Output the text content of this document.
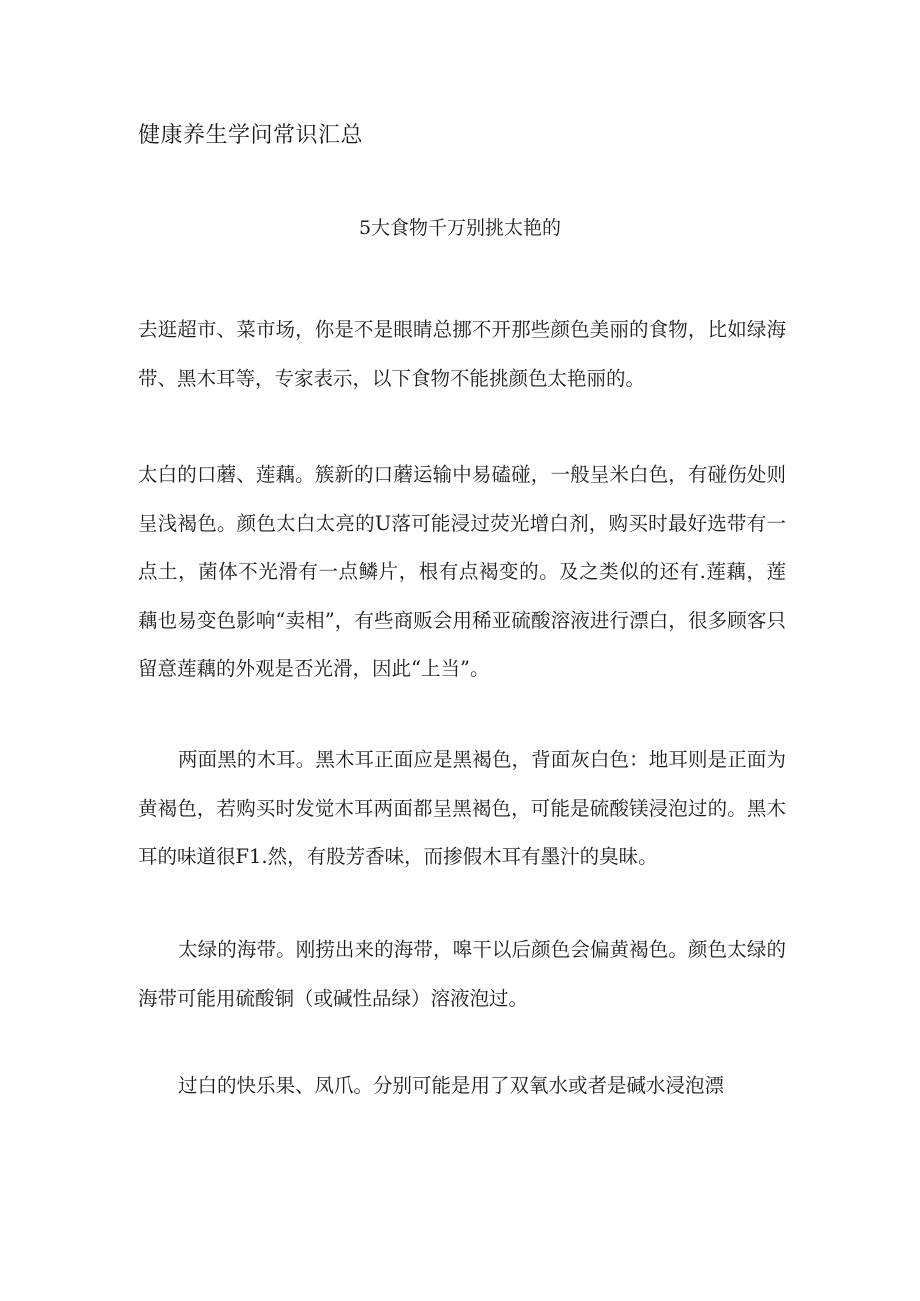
健康养生学问常识汇总
5大食物千万别挑太艳的

去逛超市、菜市场，你是不是眼睛总挪不开那些颜色美丽的食物，比如绿海带、黑木耳等，专家表示，以下食物不能挑颜色太艳丽的。

太白的口蘑、莲藕。簇新的口蘑运输中易磕碰，一般呈米白色，有碰伤处则呈浅褐色。颜色太白太亮的U落可能浸过荧光增白剂，购买时最好选带有一点土，菌体不光滑有一点鳞片，根有点褐变的。及之类似的还有.莲藕，莲藕也易变色影响“卖相”，有些商贩会用稀亚硫酸溶液进行漂白，很多顾客只留意莲藕的外观是否光滑，因此“上当”。

两面黑的木耳。黑木耳正面应是黑褐色，背面灰白色：地耳则是正面为黄褐色，若购买时发觉木耳两面都呈黑褐色，可能是硫酸镁浸泡过的。黑木耳的味道很F1.然，有股芳香味，而掺假木耳有墨汁的臭昧。

太绿的海带。刚捞出来的海带，嗥干以后颜色会偏黄褐色。颜色太绿的海带可能用硫酸铜（或碱性品绿）溶液泡过。

过白的快乐果、凤爪。分别可能是用了双氧水或者是碱水浸泡漂
